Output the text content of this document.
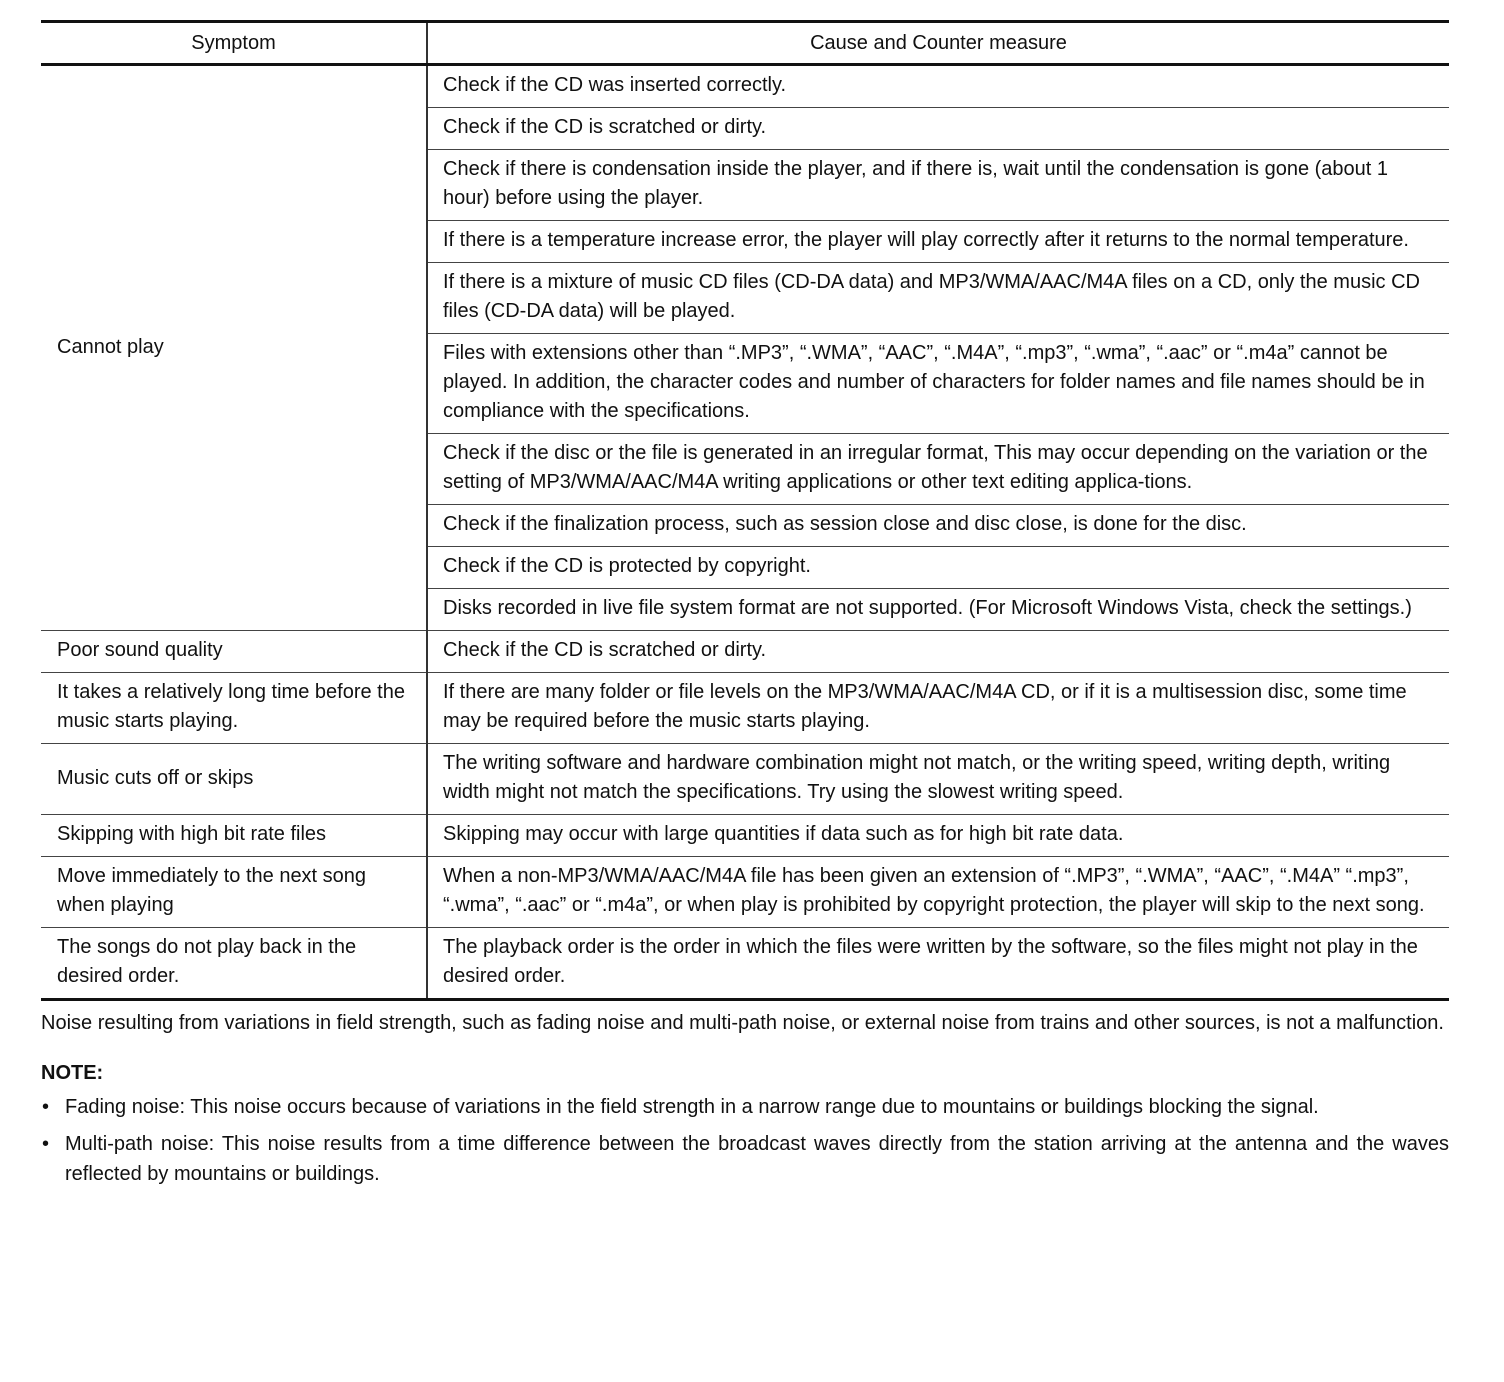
Symptom	Cause and Counter measure
Cannot play	Check if the CD was inserted correctly.
	Check if the CD is scratched or dirty.
	Check if there is condensation inside the player, and if there is, wait until the condensation is gone (about 1 hour) before using the player.
	If there is a temperature increase error, the player will play correctly after it returns to the normal temperature.
	If there is a mixture of music CD files (CD-DA data) and MP3/WMA/AAC/M4A files on a CD, only the music CD files (CD-DA data) will be played.
	Files with extensions other than “.MP3”, “.WMA”, “AAC”, “.M4A”, “.mp3”, “.wma”, “.aac” or “.m4a” cannot be played. In addition, the character codes and number of characters for folder names and file names should be in compliance with the specifications.
	Check if the disc or the file is generated in an irregular format, This may occur depending on the variation or the setting of MP3/WMA/AAC/M4A writing applications or other text editing applica-tions.
	Check if the finalization process, such as session close and disc close, is done for the disc.
	Check if the CD is protected by copyright.
	Disks recorded in live file system format are not supported. (For Microsoft Windows Vista, check the settings.)
Poor sound quality	Check if the CD is scratched or dirty.
It takes a relatively long time before the music starts playing.	If there are many folder or file levels on the MP3/WMA/AAC/M4A CD, or if it is a multisession disc, some time may be required before the music starts playing.
Music cuts off or skips	The writing software and hardware combination might not match, or the writing speed, writing depth, writing width might not match the specifications. Try using the slowest writing speed.
Skipping with high bit rate files	Skipping may occur with large quantities if data such as for high bit rate data.
Move immediately to the next song when playing	When a non-MP3/WMA/AAC/M4A file has been given an extension of “.MP3”, “.WMA”, “AAC”, “.M4A” “.mp3”, “.wma”, “.aac” or “.m4a”, or when play is prohibited by copyright protection, the player will skip to the next song.
The songs do not play back in the desired order.	The playback order is the order in which the files were written by the software, so the files might not play in the desired order.

Noise resulting from variations in field strength, such as fading noise and multi-path noise, or external noise from trains and other sources, is not a malfunction.

NOTE:
• Fading noise: This noise occurs because of variations in the field strength in a narrow range due to mountains or buildings blocking the signal.
• Multi-path noise: This noise results from a time difference between the broadcast waves directly from the station arriving at the antenna and the waves reflected by mountains or buildings.
